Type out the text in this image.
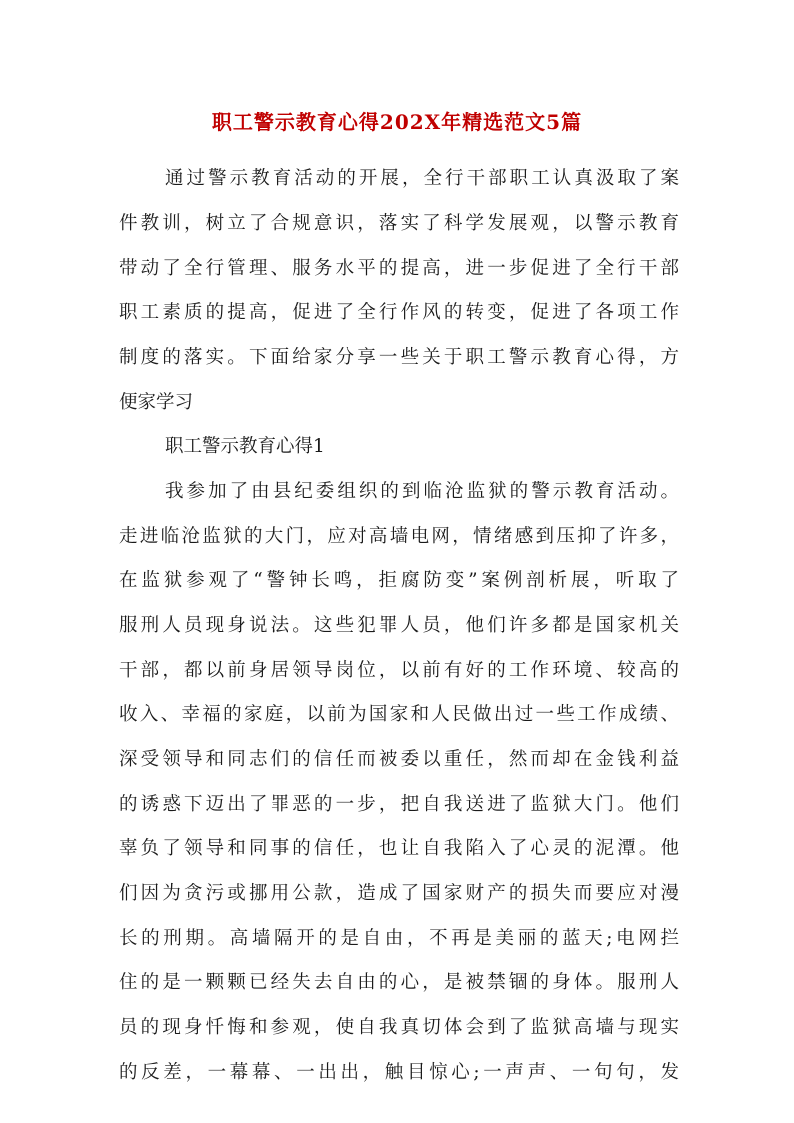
职工警示教育心得202X年精选范文5篇
通过警示教育活动的开展，全行干部职工认真汲取了案
件教训，树立了合规意识，落实了科学发展观，以警示教育
带动了全行管理、服务水平的提高，进一步促进了全行干部
职工素质的提高，促进了全行作风的转变，促进了各项工作
制度的落实。下面给家分享一些关于职工警示教育心得，方
便家学习
职工警示教育心得1
我参加了由县纪委组织的到临沧监狱的警示教育活动。
走进临沧监狱的大门，应对高墙电网，情绪感到压抑了许多，
在监狱参观了“警钟长鸣，拒腐防变”案例剖析展，听取了
服刑人员现身说法。这些犯罪人员，他们许多都是国家机关
干部，都以前身居领导岗位，以前有好的工作环境、较高的
收入、幸福的家庭，以前为国家和人民做出过一些工作成绩、
深受领导和同志们的信任而被委以重任，然而却在金钱利益
的诱惑下迈出了罪恶的一步，把自我送进了监狱大门。他们
辜负了领导和同事的信任，也让自我陷入了心灵的泥潭。他
们因为贪污或挪用公款，造成了国家财产的损失而要应对漫
长的刑期。高墙隔开的是自由，不再是美丽的蓝天;电网拦
住的是一颗颗已经失去自由的心，是被禁锢的身体。服刑人
员的现身忏悔和参观，使自我真切体会到了监狱高墙与现实
的反差，一幕幕、一出出，触目惊心;一声声、一句句，发
